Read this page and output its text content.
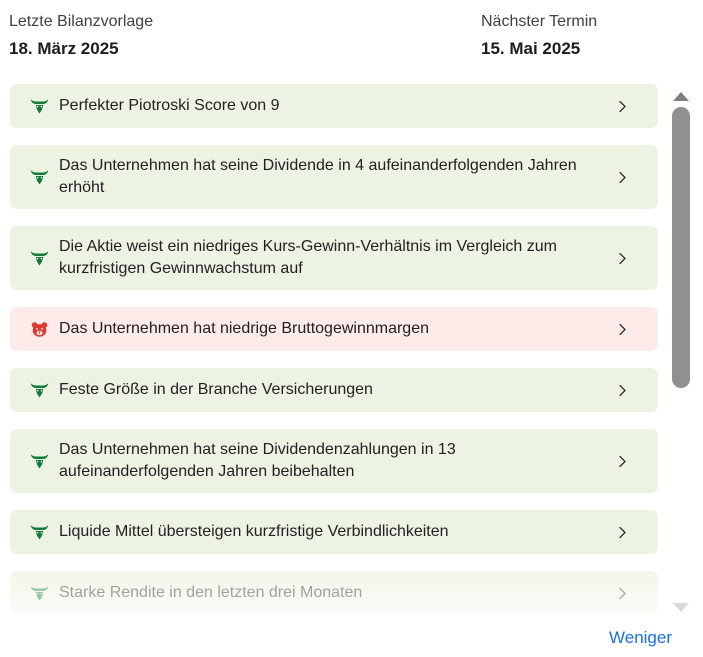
Letzte Bilanzvorlage
18. März 2025
Nächster Termin
15. Mai 2025
Perfekter Piotroski Score von 9
Das Unternehmen hat seine Dividende in 4 aufeinanderfolgenden Jahren erhöht
Die Aktie weist ein niedriges Kurs-Gewinn-Verhältnis im Vergleich zum kurzfristigen Gewinnwachstum auf
Das Unternehmen hat niedrige Bruttogewinnmargen
Feste Größe in der Branche Versicherungen
Das Unternehmen hat seine Dividendenzahlungen in 13 aufeinanderfolgenden Jahren beibehalten
Liquide Mittel übersteigen kurzfristige Verbindlichkeiten
Starke Rendite in den letzten drei Monaten
Weniger
